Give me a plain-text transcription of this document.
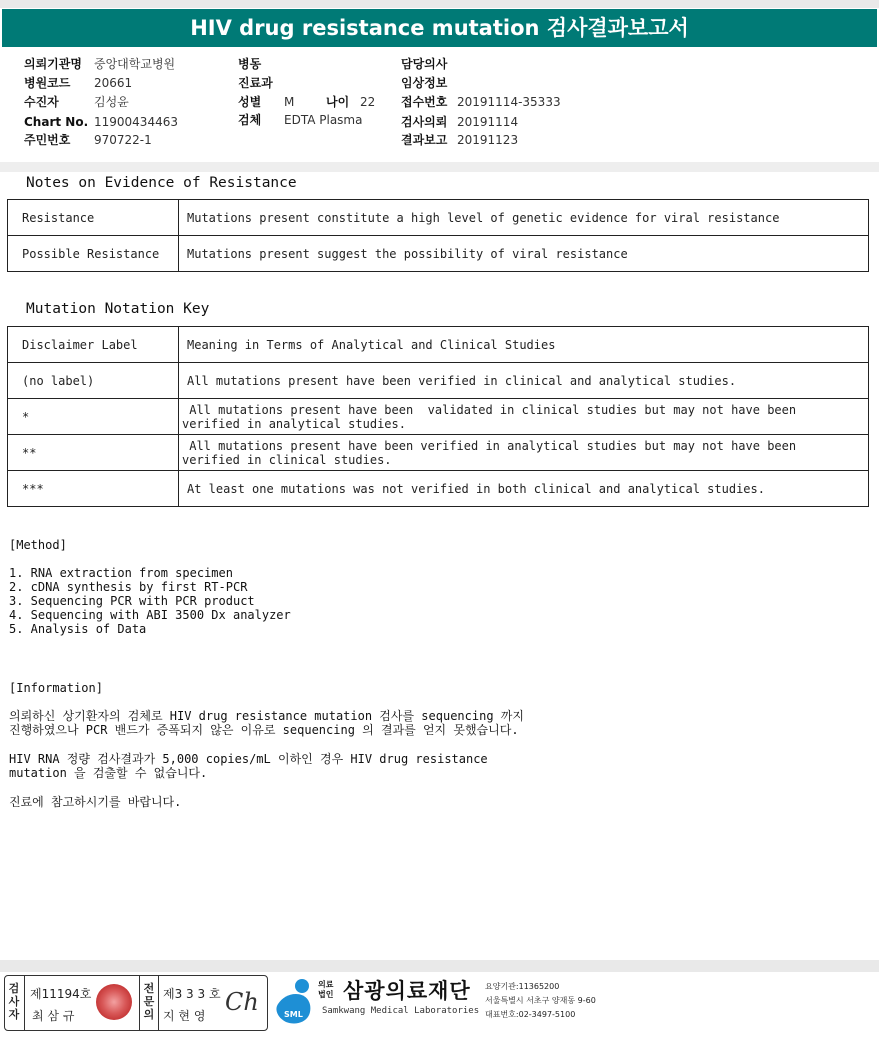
HIV drug resistance mutation 검사결과보고서
의뢰기관명 중앙대학교병원
병원코드 20661
수진자	김성윤
Chart No. 11900434463
주민번호 970722-1
병동
진료과
성별 M	나이 22
검체 EDTA Plasma
담당의사
임상정보
접수번호 20191114-35333
검사의뢰 20191114
결과보고 20191123
Notes on Evidence of Resistance
Resistance	Mutations present constitute a high level of genetic evidence for viral resistance
Possible Resistance	Mutations present suggest the possibility of viral resistance
Mutation Notation Key
Disclaimer Label	Meaning in Terms of Analytical and Clinical Studies
(no label)	All mutations present have been verified in clinical and analytical studies.
*	All mutations present have been  validated in clinical studies but may not have been verified in analytical studies.
**	All mutations present have been verified in analytical studies but may not have been verified in clinical studies.
***	At least one mutations was not verified in both clinical and analytical studies.
[Method]
1. RNA extraction from specimen
2. cDNA synthesis by first RT-PCR
3. Sequencing PCR with PCR product
4. Sequencing with ABI 3500 Dx analyzer
5. Analysis of Data
[Information]
의뢰하신 상기환자의 검체로 HIV drug resistance mutation 검사를 sequencing 까지
진행하였으나 PCR 밴드가 증폭되지 않은 이유로 sequencing 의 결과를 얻지 못했습니다.
HIV RNA 정량 검사결과가 5,000 copies/mL 이하인 경우 HIV drug resistance
mutation 을 검출할 수 없습니다.
진료에 참고하시기를 바랍니다.
검
사
자
제11194호
최 삼 규
전
문
의
제3 3 3 호
지 현 영 Ch	SML
의료
법인 삼광의료재단
Samkwang Medical Laboratories
요양기관:11365200
서울특별시 서초구 양재동 9-60
대표번호:02-3497-5100
